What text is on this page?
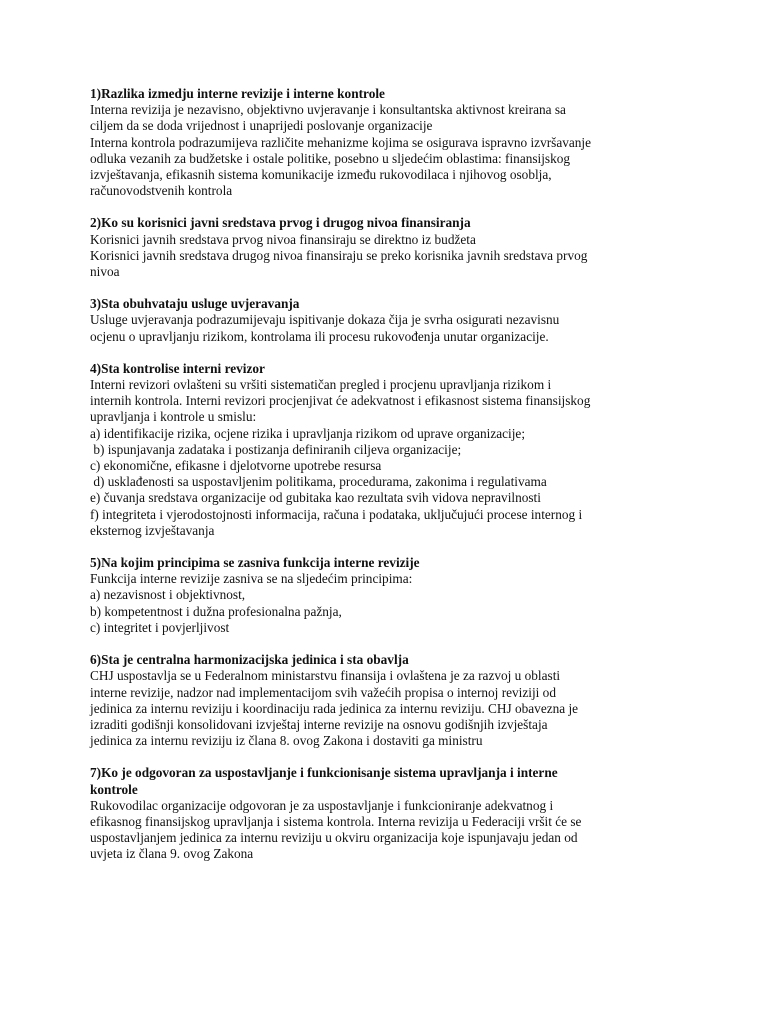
1)Razlika izmedju interne revizije i interne kontrole

Interna revizija je nezavisno, objektivno uvjeravanje i konsultantska aktivnost kreirana sa

ciljem da se doda vrijednost i unaprijedi poslovanje organizacije

Interna kontrola podrazumijeva različite mehanizme kojima se osigurava ispravno izvršavanje

odluka vezanih za budžetske i ostale politike, posebno u sljedećim oblastima: finansijskog

izvještavanja, efikasnih sistema komunikacije između rukovodilaca i njihovog osoblja,

računovodstvenih kontrola

2)Ko su korisnici javni sredstava prvog i drugog nivoa finansiranja

Korisnici javnih sredstava prvog nivoa finansiraju se direktno iz budžeta

Korisnici javnih sredstava drugog nivoa finansiraju se preko korisnika javnih sredstava prvog

nivoa

3)Sta obuhvataju usluge uvjeravanja

Usluge uvjeravanja podrazumijevaju ispitivanje dokaza čija je svrha osigurati nezavisnu

ocjenu o upravljanju rizikom, kontrolama ili procesu rukovođenja unutar organizacije.

4)Sta kontrolise interni revizor

Interni revizori ovlašteni su vršiti sistematičan pregled i procjenu upravljanja rizikom i

internih kontrola. Interni revizori procjenjivat će adekvatnost i efikasnost sistema finansijskog

upravljanja i kontrole u smislu:

a) identifikacije rizika, ocjene rizika i upravljanja rizikom od uprave organizacije;

b) ispunjavanja zadataka i postizanja definiranih ciljeva organizacije;

c) ekonomične, efikasne i djelotvorne upotrebe resursa

d) usklađenosti sa uspostavljenim politikama, procedurama, zakonima i regulativama

e) čuvanja sredstava organizacije od gubitaka kao rezultata svih vidova nepravilnosti

f) integriteta i vjerodostojnosti informacija, računa i podataka, uključujući procese internog i

eksternog izvještavanja

5)Na kojim principima se zasniva funkcija interne revizije

Funkcija interne revizije zasniva se na sljedećim principima:

a) nezavisnost i objektivnost,

b) kompetentnost i dužna profesionalna pažnja,

c) integritet i povjerljivost

6)Sta je centralna harmonizacijska jedinica i sta obavlja

CHJ uspostavlja se u Federalnom ministarstvu finansija i ovlaštena je za razvoj u oblasti

interne revizije, nadzor nad implementacijom svih važećih propisa o internoj reviziji od

jedinica za internu reviziju i koordinaciju rada jedinica za internu reviziju. CHJ obavezna je

izraditi godišnji konsolidovani izvještaj interne revizije na osnovu godišnjih izvještaja

jedinica za internu reviziju iz člana 8. ovog Zakona i dostaviti ga ministru

7)Ko je odgovoran za uspostavljanje i funkcionisanje sistema upravljanja i interne

kontrole

Rukovodilac organizacije odgovoran je za uspostavljanje i funkcioniranje adekvatnog i

efikasnog finansijskog upravljanja i sistema kontrola. Interna revizija u Federaciji vršit će se

uspostavljanjem jedinica za internu reviziju u okviru organizacija koje ispunjavaju jedan od

uvjeta iz člana 9. ovog Zakona
